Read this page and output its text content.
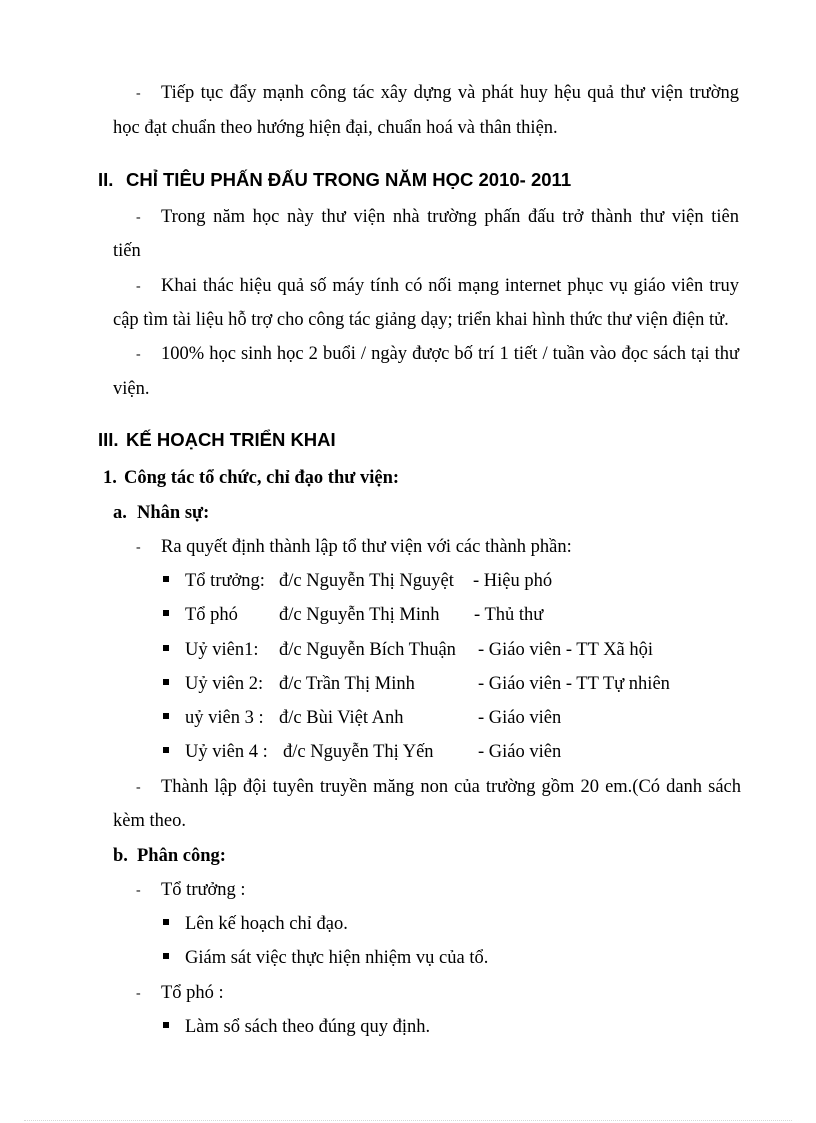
- Tiếp tục đẩy mạnh công tác xây dựng và phát huy hệu quả thư viện trường
học đạt chuẩn theo hướng hiện đại, chuẩn hoá và thân thiện.
II. CHỈ TIÊU PHẤN ĐẤU TRONG NĂM HỌC 2010- 2011
- Trong năm học này thư viện nhà trường phấn đấu trở thành thư viện tiên
tiến
- Khai thác hiệu quả số máy tính có nối mạng internet phục vụ giáo viên truy
cập tìm tài liệu hỗ trợ cho công tác giảng dạy; triển khai hình thức thư viện điện tử.
- 100% học sinh học 2 buổi / ngày được bố trí 1 tiết / tuần vào đọc sách tại thư
viện.
III. KẾ HOẠCH TRIỂN KHAI
1. Công tác tổ chức, chỉ đạo thư viện:
a. Nhân sự:
- Ra quyết định thành lập tổ thư viện với các thành phần:
Tổ trưởng: đ/c Nguyễn Thị Nguyệt - Hiệu phó
Tổ phó đ/c Nguyễn Thị Minh - Thủ thư
Uỷ viên1: đ/c Nguyễn Bích Thuận - Giáo viên - TT Xã hội
Uỷ viên 2: đ/c Trần Thị Minh	- Giáo viên - TT Tự nhiên
uỷ viên 3 : đ/c Bùi Việt Anh	- Giáo viên
Uỷ viên 4 : đ/c Nguyễn Thị Yến - Giáo viên
- Thành lập đội tuyên truyền măng non của trường gồm 20 em.(Có danh sách
kèm theo.
b. Phân công:
- Tổ trưởng :
Lên kế hoạch chỉ đạo.
Giám sát việc thực hiện nhiệm vụ của tổ.
- Tổ phó :
Làm sổ sách theo đúng quy định.
